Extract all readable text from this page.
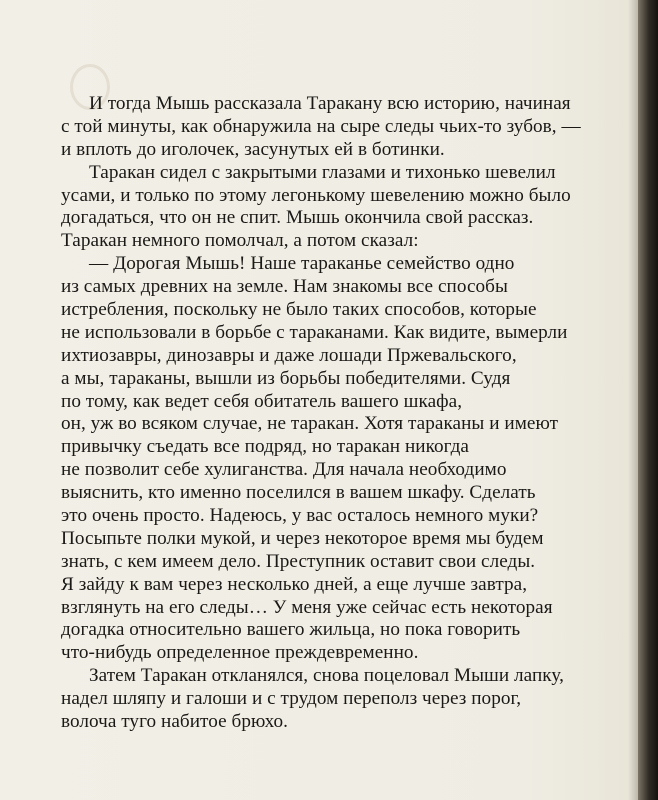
И тогда Мышь рассказала Таракану всю историю, начиная
с той минуты, как обнаружила на сыре следы чьих-то зубов, —
и вплоть до иголочек, засунутых ей в ботинки.
Таракан сидел с закрытыми глазами и тихонько шевелил
усами, и только по этому легонькому шевелению можно было
догадаться, что он не спит. Мышь окончила свой рассказ.
Таракан немного помолчал, а потом сказал:
— Дорогая Мышь! Наше тараканье семейство одно
из самых древних на земле. Нам знакомы все способы
истребления, поскольку не было таких способов, которые
не использовали в борьбе с тараканами. Как видите, вымерли
ихтиозавры, динозавры и даже лошади Пржевальского,
а мы, тараканы, вышли из борьбы победителями. Судя
по тому, как ведет себя обитатель вашего шкафа,
он, уж во всяком случае, не таракан. Хотя тараканы и имеют
привычку съедать все подряд, но таракан никогда
не позволит себе хулиганства. Для начала необходимо
выяснить, кто именно поселился в вашем шкафу. Сделать
это очень просто. Надеюсь, у вас осталось немного муки?
Посыпьте полки мукой, и через некоторое время мы будем
знать, с кем имеем дело. Преступник оставит свои следы.
Я зайду к вам через несколько дней, а еще лучше завтра,
взглянуть на его следы… У меня уже сейчас есть некоторая
догадка относительно вашего жильца, но пока говорить
что-нибудь определенное преждевременно.
Затем Таракан откланялся, снова поцеловал Мыши лапку,
надел шляпу и галоши и с трудом переполз через порог,
волоча туго набитое брюхо.
